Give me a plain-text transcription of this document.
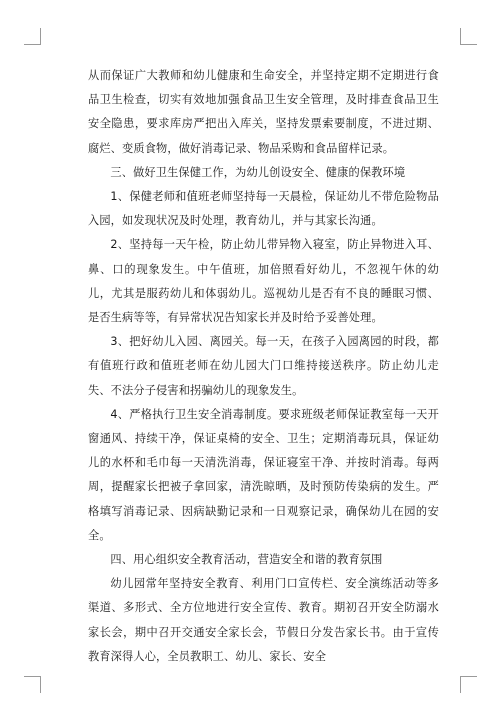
从而保证广大教师和幼儿健康和生命安全，并坚持定期不定期进行食品卫生检查，切实有效地加强食品卫生安全管理，及时排查食品卫生安全隐患，要求库房严把出入库关，坚持发票索要制度，不进过期、腐烂、变质食物，做好消毒记录、物品采购和食品留样记录。

三、做好卫生保健工作，为幼儿创设安全、健康的保教环境

1、保健老师和值班老师坚持每一天晨检，保证幼儿不带危险物品入园，如发现状况及时处理，教育幼儿，并与其家长沟通。

2、坚持每一天午检，防止幼儿带异物入寝室，防止异物进入耳、鼻、口的现象发生。中午值班，加倍照看好幼儿，不忽视午休的幼儿，尤其是服药幼儿和体弱幼儿。巡视幼儿是否有不良的睡眠习惯、是否生病等等，有异常状况告知家长并及时给予妥善处理。

3、把好幼儿入园、离园关。每一天，在孩子入园离园的时段，都有值班行政和值班老师在幼儿园大门口维持接送秩序。防止幼儿走失、不法分子侵害和拐骗幼儿的现象发生。

4、严格执行卫生安全消毒制度。要求班级老师保证教室每一天开窗通风、持续干净，保证桌椅的安全、卫生；定期消毒玩具，保证幼儿的水杯和毛巾每一天清洗消毒，保证寝室干净、并按时消毒。每两周，提醒家长把被子拿回家，清洗晾晒，及时预防传染病的发生。严格填写消毒记录、因病缺勤记录和一日观察记录，确保幼儿在园的安全。

四、用心组织安全教育活动，营造安全和谐的教育氛围

幼儿园常年坚持安全教育、利用门口宣传栏、安全演练活动等多渠道、多形式、全方位地进行安全宣传、教育。期初召开安全防溺水家长会，期中召开交通安全家长会，节假日分发告家长书。由于宣传教育深得人心，全员教职工、幼儿、家长、安全
